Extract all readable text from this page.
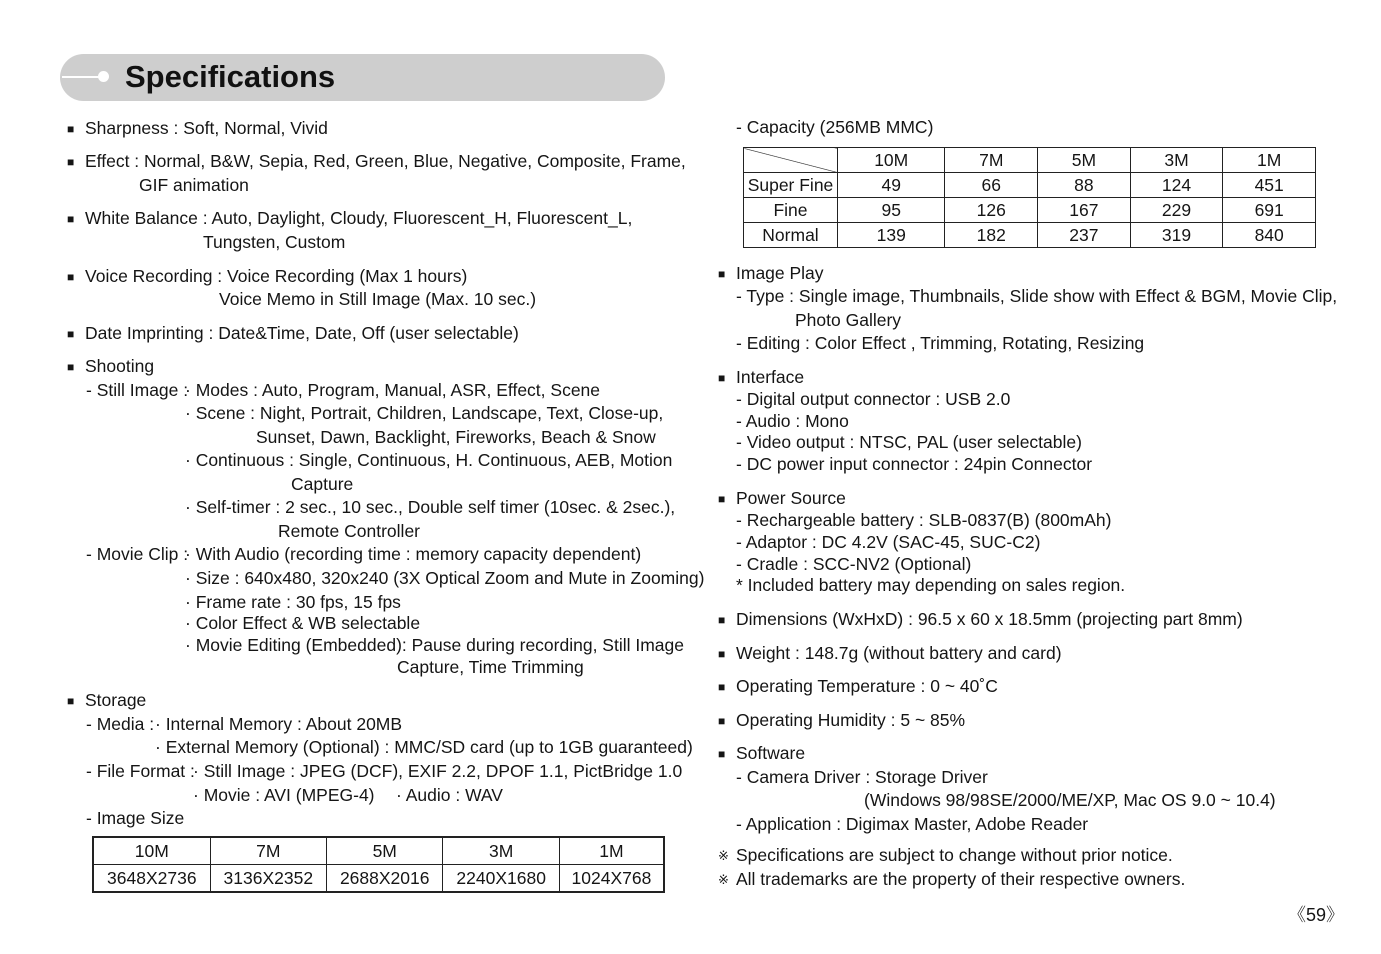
Specifications
■ Sharpness : Soft, Normal, Vivid
■ Effect : Normal, B&W, Sepia, Red, Green, Blue, Negative, Composite, Frame,
GIF animation
■ White Balance : Auto, Daylight, Cloudy, Fluorescent_H, Fluorescent_L,
Tungsten, Custom
■ Voice Recording : Voice Recording (Max 1 hours)
Voice Memo in Still Image (Max. 10 sec.)
■ Date Imprinting : Date&Time, Date, Off (user selectable)
■ Shooting
- Still Image :
· Modes : Auto, Program, Manual, ASR, Effect, Scene
· Scene : Night, Portrait, Children, Landscape, Text, Close-up,
Sunset, Dawn, Backlight, Fireworks, Beach & Snow
· Continuous : Single, Continuous, H. Continuous, AEB, Motion
Capture
· Self-timer : 2 sec., 10 sec., Double self timer (10sec. & 2sec.),
Remote Controller
- Movie Clip :
· With Audio (recording time : memory capacity dependent)
· Size : 640x480, 320x240 (3X Optical Zoom and Mute in Zooming)
· Frame rate : 30 fps, 15 fps
· Color Effect & WB selectable
· Movie Editing (Embedded): Pause during recording, Still Image
Capture, Time Trimming
■ Storage
- Media : · Internal Memory : About 20MB
· External Memory (Optional) : MMC/SD card (up to 1GB guaranteed)
- File Format :
· Still Image : JPEG (DCF), EXIF 2.2, DPOF 1.1, PictBridge 1.0
· Movie : AVI (MPEG-4) · Audio : WAV
- Image Size
10M	7M	5M	3M	1M
3648X2736	3136X2352	2688X2016	2240X1680	1024X768
- Capacity (256MB MMC)
	10M	7M	5M	3M	1M
Super Fine	49	66	88	124	451
Fine	95	126	167	229	691
Normal	139	182	237	319	840
■ Image Play
- Type : Single image, Thumbnails, Slide show with Effect & BGM, Movie Clip,
Photo Gallery
- Editing : Color Effect , Trimming, Rotating, Resizing
■ Interface
- Digital output connector : USB 2.0
- Audio : Mono
- Video output : NTSC, PAL (user selectable)
- DC power input connector : 24pin Connector
■ Power Source
- Rechargeable battery : SLB-0837(B) (800mAh)
- Adaptor : DC 4.2V (SAC-45, SUC-C2)
- Cradle : SCC-NV2 (Optional)
* Included battery may depending on sales region.
■ Dimensions (WxHxD) : 96.5 x 60 x 18.5mm (projecting part 8mm)
■ Weight : 148.7g (without battery and card)
■ Operating Temperature : 0 ~ 40˚C
■ Operating Humidity : 5 ~ 85%
■ Software
- Camera Driver : Storage Driver
(Windows 98/98SE/2000/ME/XP, Mac OS 9.0 ~ 10.4)
- Application : Digimax Master, Adobe Reader
※ Specifications are subject to change without prior notice.
※ All trademarks are the property of their respective owners.
《59》
